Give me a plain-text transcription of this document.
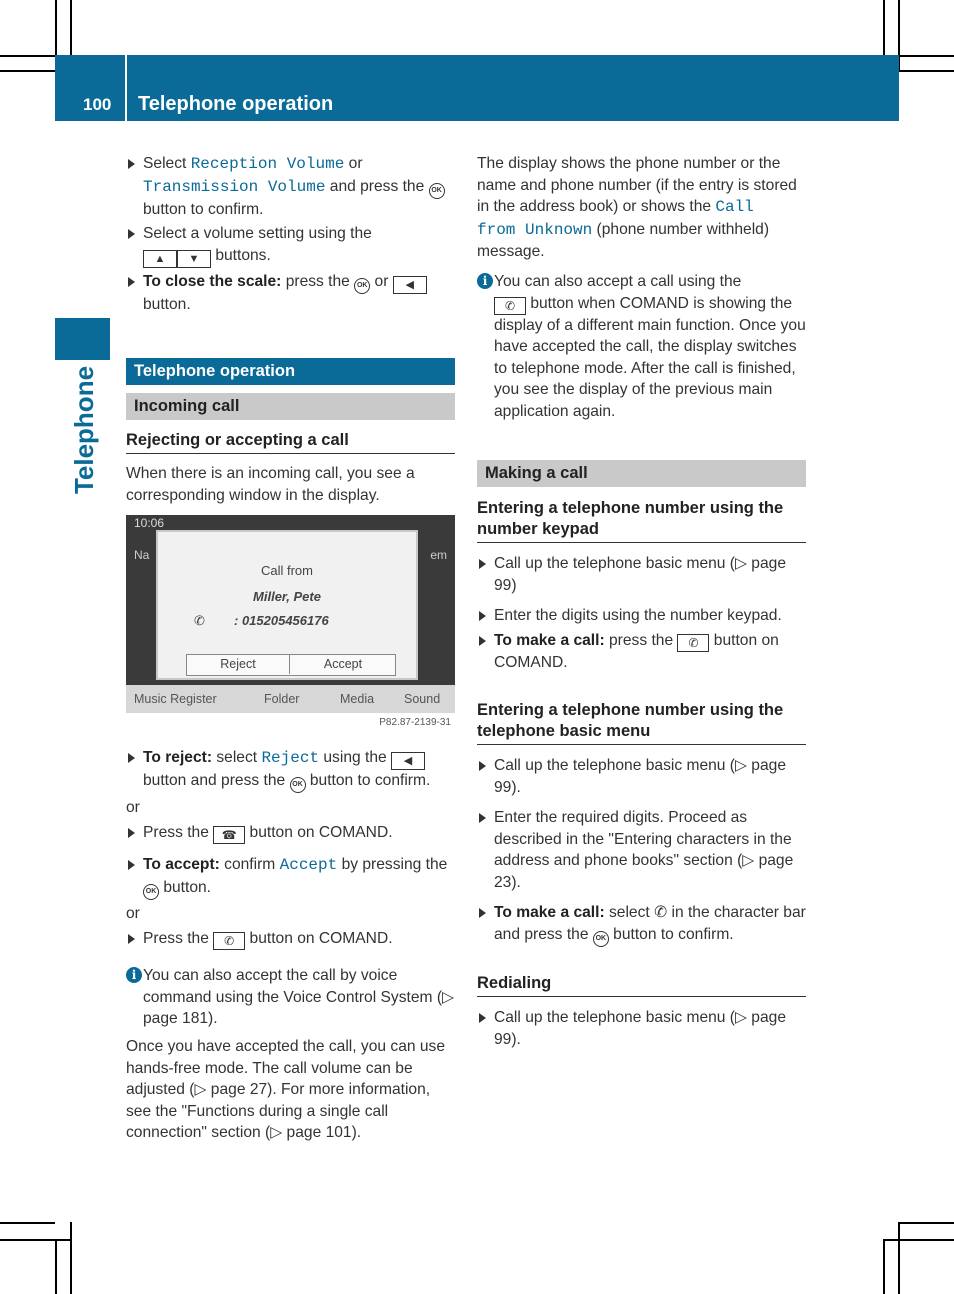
100 Telephone operation
Telephone
Select Reception Volume or
Transmission Volume and press the OK
button to confirm.
Select a volume setting using the
▲ ▼ buttons.
To close the scale: press the OK or ◀
button.
Telephone operation
Incoming call
Rejecting or accepting a call
When there is an incoming call, you see a corresponding window in the display.
10:06
Na	em
Call from
Miller, Pete
✆ : 015205456176
Reject	Accept
Music Register	Folder	Media Sound
P82.87-2139-31
To reject: select Reject using the ◀
button and press the OK button to confirm.
or
Press the ☎ button on COMAND.
To accept: confirm Accept by pressing the
OK button.
or
Press the ✆ button on COMAND.
i You can also accept the call by voice command using the Voice Control System (▷ page 181).
Once you have accepted the call, you can use hands-free mode. The call volume can be adjusted (▷ page 27). For more information, see the "Functions during a single call connection" section (▷ page 101).
The display shows the phone number or the name and phone number (if the entry is stored in the address book) or shows the Call
from Unknown (phone number withheld) message.
i You can also accept a call using the
✆ button when COMAND is showing the display of a different main function. Once you have accepted the call, the display switches to telephone mode. After the call is finished, you see the display of the previous main application again.
Making a call
Entering a telephone number using the number keypad
Call up the telephone basic menu (▷ page 99)
Enter the digits using the number keypad.
To make a call: press the ✆ button on COMAND.
Entering a telephone number using the telephone basic menu
Call up the telephone basic menu (▷ page 99).
Enter the required digits. Proceed as described in the "Entering characters in the address and phone books" section (▷ page 23).
To make a call: select ✆ in the character bar and press the OK button to confirm.
Redialing
Call up the telephone basic menu (▷ page 99).
